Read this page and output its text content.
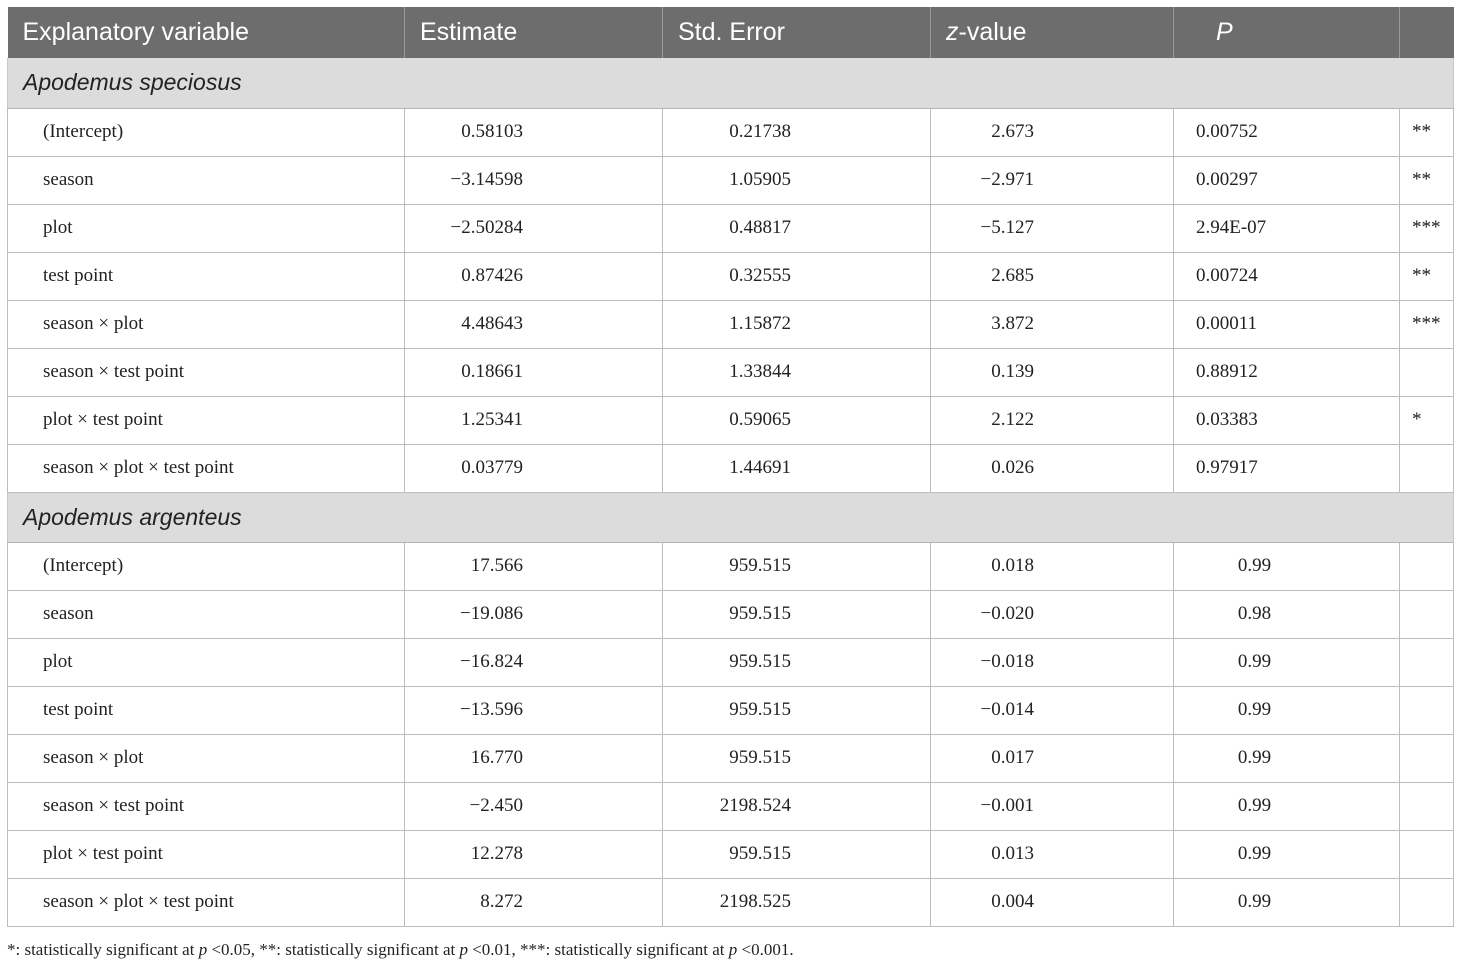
Explanatory variable	Estimate	Std. Error	z-value	P	
Apodemus speciosus					
(Intercept)	0.58103	0.21738	2.673	0.00752	**
season	−3.14598	1.05905	−2.971	0.00297	**
plot	−2.50284	0.48817	−5.127	2.94E-07	***
test point	0.87426	0.32555	2.685	0.00724	**
season × plot	4.48643	1.15872	3.872	0.00011	***
season × test point	0.18661	1.33844	0.139	0.88912	
plot × test point	1.25341	0.59065	2.122	0.03383	*
season × plot × test point	0.03779	1.44691	0.026	0.97917	
Apodemus argenteus					
(Intercept)	17.566	959.515	0.018	0.99	
season	−19.086	959.515	−0.020	0.98	
plot	−16.824	959.515	−0.018	0.99	
test point	−13.596	959.515	−0.014	0.99	
season × plot	16.770	959.515	0.017	0.99	
season × test point	−2.450	2198.524	−0.001	0.99	
plot × test point	12.278	959.515	0.013	0.99	
season × plot × test point	8.272	2198.525	0.004	0.99	
*: statistically significant at p <0.05, **: statistically significant at p <0.01, ***: statistically significant at p <0.001.
